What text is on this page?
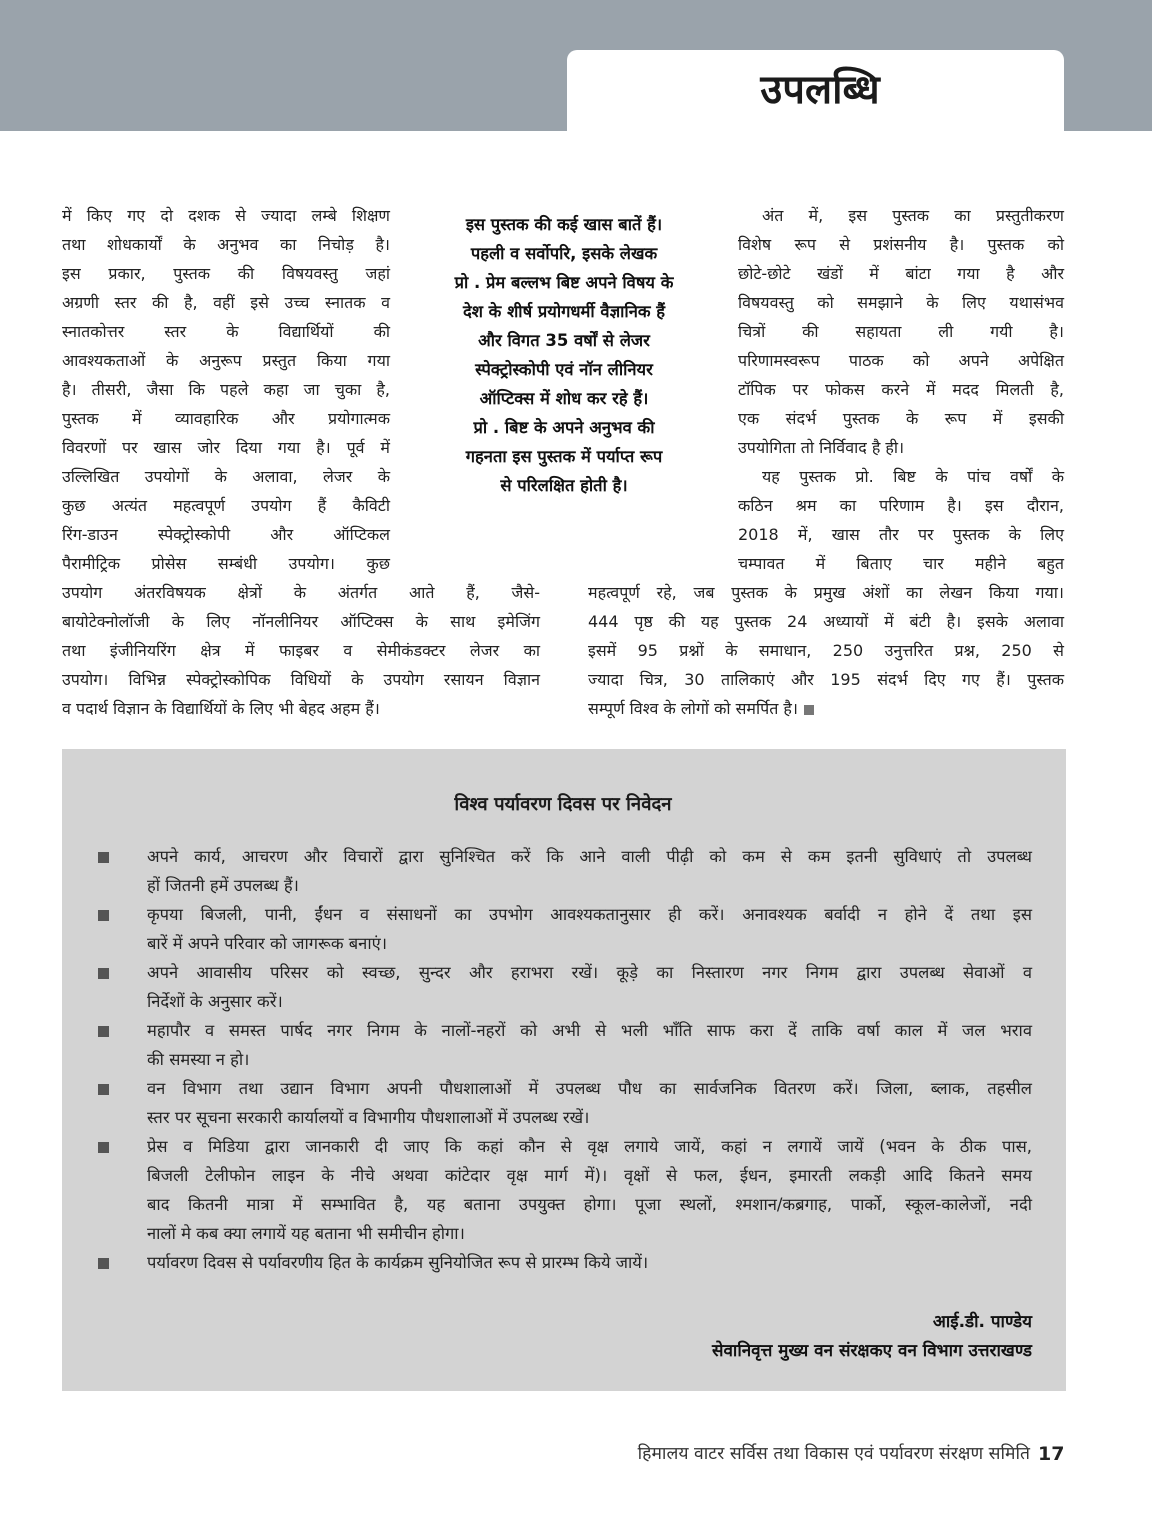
उपलब्धि
में किए गए दो दशक से ज्यादा लम्बे शिक्षण
तथा शोधकार्यों के अनुभव का निचोड़ है।
इस प्रकार, पुस्तक की विषयवस्तु जहां
अग्रणी स्तर की है, वहीं इसे उच्च स्नातक व
स्नातकोत्तर स्तर के विद्यार्थियों की
आवश्यकताओं के अनुरूप प्रस्तुत किया गया
है। तीसरी, जैसा कि पहले कहा जा चुका है,
पुस्तक में व्यावहारिक और प्रयोगात्मक
विवरणों पर खास जोर दिया गया है। पूर्व में
उल्लिखित उपयोगों के अलावा, लेजर के
कुछ अत्यंत महत्वपूर्ण उपयोग हैं कैविटी
रिंग-डाउन स्पेक्ट्रोस्कोपी और ऑप्टिकल
पैरामीट्रिक प्रोसेस सम्बंधी उपयोग। कुछ
इस पुस्तक की कई खास बातें हैं।
पहली व सर्वोपरि, इसके लेखक
प्रो . प्रेम बल्लभ बिष्ट अपने विषय के
देश के शीर्ष प्रयोगधर्मी वैज्ञानिक हैं
और विगत 35 वर्षों से लेजर
स्पेक्ट्रोस्कोपी एवं नॉन लीनियर
ऑप्टिक्स में शोध कर रहे हैं।
प्रो . बिष्ट के अपने अनुभव की
गहनता इस पुस्तक में पर्याप्त रूप
से परिलक्षित होती है।
अंत में, इस पुस्तक का प्रस्तुतीकरण
विशेष रूप से प्रशंसनीय है। पुस्तक को
छोटे-छोटे खंडों में बांटा गया है और
विषयवस्तु को समझाने के लिए यथासंभव
चित्रों की सहायता ली गयी है।
परिणामस्वरूप पाठक को अपने अपेक्षित
टॉपिक पर फोकस करने में मदद मिलती है,
एक संदर्भ पुस्तक के रूप में इसकी
उपयोगिता तो निर्विवाद है ही।
यह पुस्तक प्रो. बिष्ट के पांच वर्षों के
कठिन श्रम का परिणाम है। इस दौरान,
2018 में, खास तौर पर पुस्तक के लिए
चम्पावत में बिताए चार महीने बहुत
उपयोग अंतरविषयक क्षेत्रों के अंतर्गत आते हैं, जैसे-
बायोटेक्नोलॉजी के लिए नॉनलीनियर ऑप्टिक्स के साथ इमेजिंग
तथा इंजीनियरिंग क्षेत्र में फाइबर व सेमीकंडक्टर लेजर का
उपयोग। विभिन्न स्पेक्ट्रोस्कोपिक विधियों के उपयोग रसायन विज्ञान
व पदार्थ विज्ञान के विद्यार्थियों के लिए भी बेहद अहम हैं।
महत्वपूर्ण रहे, जब पुस्तक के प्रमुख अंशों का लेखन किया गया।
444 पृष्ठ की यह पुस्तक 24 अध्यायों में बंटी है। इसके अलावा
इसमें 95 प्रश्नों के समाधान, 250 उनुत्तरित प्रश्न, 250 से
ज्यादा चित्र, 30 तालिकाएं और 195 संदर्भ दिए गए हैं। पुस्तक
सम्पूर्ण विश्व के लोगों को समर्पित है।
विश्व पर्यावरण दिवस पर निवेदन
अपने कार्य, आचरण और विचारों द्वारा सुनिश्चित करें कि आने वाली पीढ़ी को कम से कम इतनी सुविधाएं तो उपलब्ध
हों जितनी हमें उपलब्ध हैं।
कृपया बिजली, पानी, ईंधन व संसाधनों का उपभोग आवश्यकतानुसार ही करें। अनावश्यक बर्वादी न होने दें तथा इस
बारें में अपने परिवार को जागरूक बनाएं।
अपने आवासीय परिसर को स्वच्छ, सुन्दर और हराभरा रखें। कूड़े का निस्तारण नगर निगम द्वारा उपलब्ध सेवाओं व
निर्देशों के अनुसार करें।
महापौर व समस्त पार्षद नगर निगम के नालों-नहरों को अभी से भली भाँति साफ करा दें ताकि वर्षा काल में जल भराव
की समस्या न हो।
वन विभाग तथा उद्यान विभाग अपनी पौधशालाओं में उपलब्ध पौध का सार्वजनिक वितरण करें। जिला, ब्लाक, तहसील
स्तर पर सूचना सरकारी कार्यालयों व विभागीय पौधशालाओं में उपलब्ध रखें।
प्रेस व मिडिया द्वारा जानकारी दी जाए कि कहां कौन से वृक्ष लगाये जायें, कहां न लगायें जायें (भवन के ठीक पास,
बिजली टेलीफोन लाइन के नीचे अथवा कांटेदार वृक्ष मार्ग में)। वृक्षों से फल, ईधन, इमारती लकड़ी आदि कितने समय
बाद कितनी मात्रा में सम्भावित है, यह बताना उपयुक्त होगा। पूजा स्थलों, श्मशान/कब्रगाह, पार्को, स्कूल-कालेजों, नदी
नालों मे कब क्या लगायें यह बताना भी समीचीन होगा।
पर्यावरण दिवस से पर्यावरणीय हित के कार्यक्रम सुनियोजित रूप से प्रारम्भ किये जायें।
आई.डी. पाण्डेय
सेवानिवृत्त मुख्य वन संरक्षकए वन विभाग उत्तराखण्ड
हिमालय वाटर सर्विस तथा विकास एवं पर्यावरण संरक्षण समिति 17
